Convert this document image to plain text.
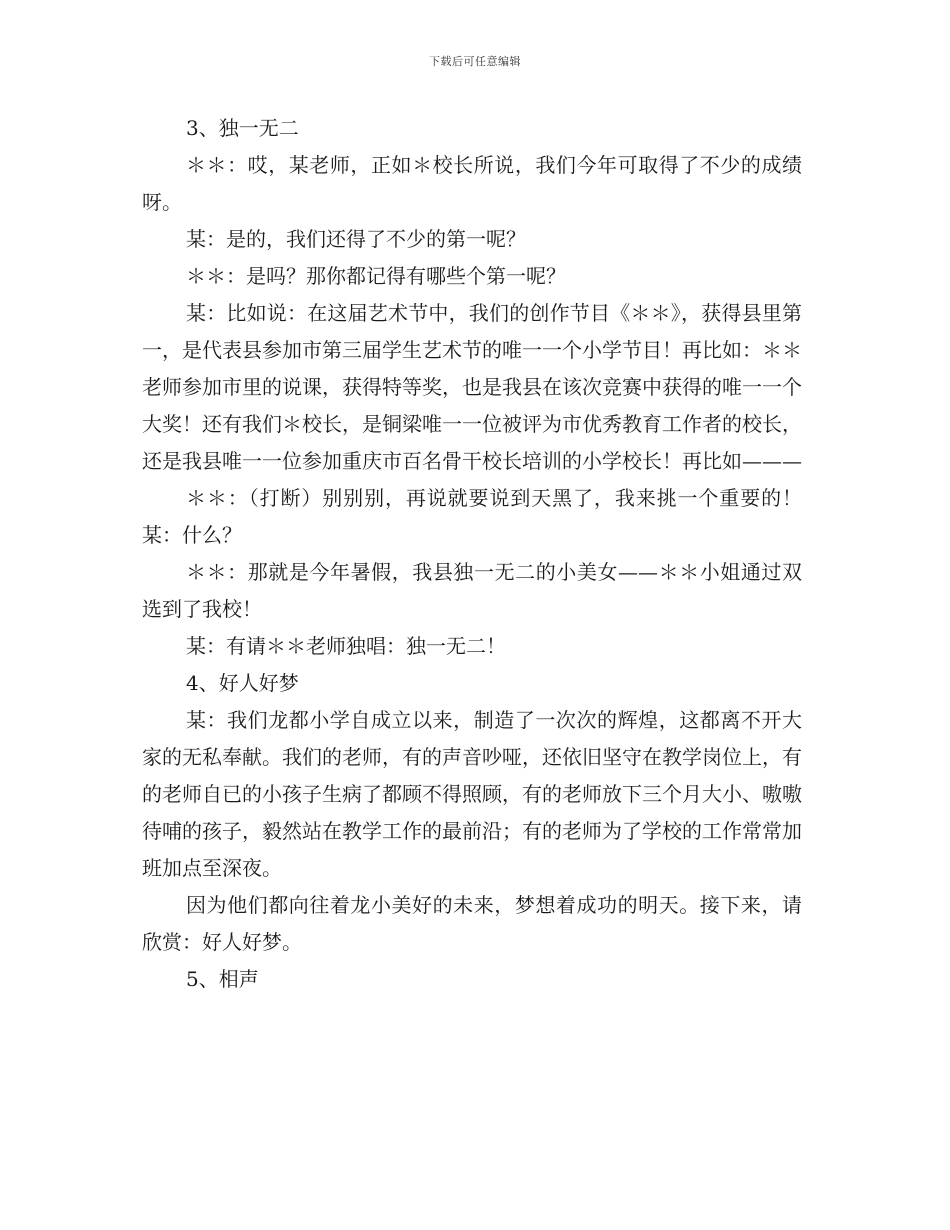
下载后可任意编辑

3、独一无二

＊＊：哎，某老师，正如＊校长所说，我们今年可取得了不少的成绩呀。

某：是的，我们还得了不少的第一呢？

＊＊：是吗？那你都记得有哪些个第一呢？

某：比如说：在这届艺术节中，我们的创作节目《＊＊》，获得县里第一，是代表县参加市第三届学生艺术节的唯一一个小学节目！再比如：＊＊老师参加市里的说课，获得特等奖，也是我县在该次竞赛中获得的唯一一个大奖！还有我们＊校长，是铜梁唯一一位被评为市优秀教育工作者的校长，还是我县唯一一位参加重庆市百名骨干校长培训的小学校长！再比如———

＊＊：（打断）别别别，再说就要说到天黑了，我来挑一个重要的！某：什么？

＊＊：那就是今年暑假，我县独一无二的小美女——＊＊小姐通过双选到了我校！

某：有请＊＊老师独唱：独一无二！

4、好人好梦

某：我们龙都小学自成立以来，制造了一次次的辉煌，这都离不开大家的无私奉献。我们的老师，有的声音吵哑，还依旧坚守在教学岗位上，有的老师自已的小孩子生病了都顾不得照顾，有的老师放下三个月大小、嗷嗷待哺的孩子，毅然站在教学工作的最前沿；有的老师为了学校的工作常常加班加点至深夜。

因为他们都向往着龙小美好的未来，梦想着成功的明天。接下来，请欣赏：好人好梦。

5、相声
